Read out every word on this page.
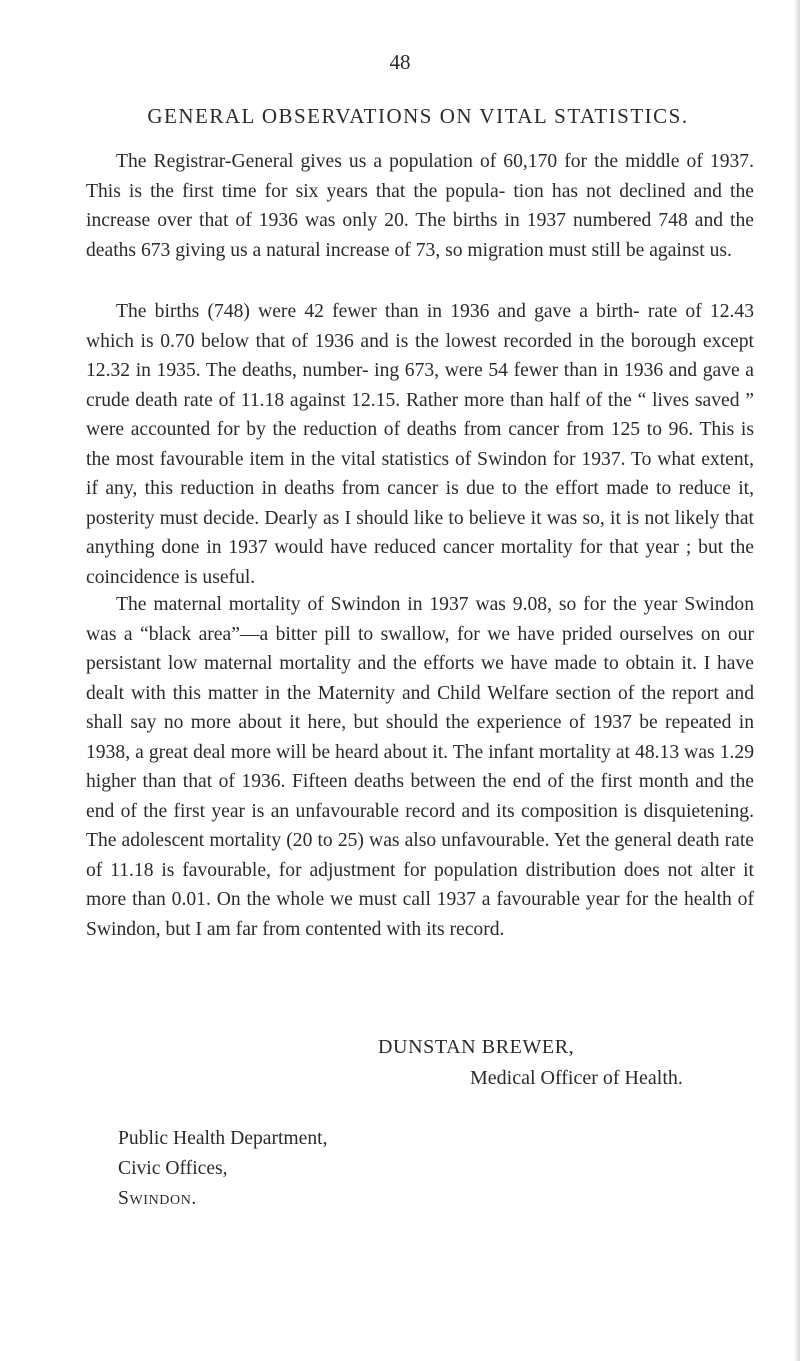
48
GENERAL OBSERVATIONS ON VITAL STATISTICS.

The Registrar-General gives us a population of 60,170 for the middle of 1937. This is the first time for six years that the popula- tion has not declined and the increase over that of 1936 was only 20. The births in 1937 numbered 748 and the deaths 673 giving us a natural increase of 73, so migration must still be against us.

The births (748) were 42 fewer than in 1936 and gave a birth- rate of 12.43 which is 0.70 below that of 1936 and is the lowest recorded in the borough except 12.32 in 1935. The deaths, number- ing 673, were 54 fewer than in 1936 and gave a crude death rate of 11.18 against 12.15. Rather more than half of the “ lives saved ” were accounted for by the reduction of deaths from cancer from 125 to 96. This is the most favourable item in the vital statistics of Swindon for 1937. To what extent, if any, this reduction in deaths from cancer is due to the effort made to reduce it, posterity must decide. Dearly as I should like to believe it was so, it is not likely that anything done in 1937 would have reduced cancer mortality for that year ; but the coincidence is useful.

The maternal mortality of Swindon in 1937 was 9.08, so for the year Swindon was a “black area”—a bitter pill to swallow, for we have prided ourselves on our persistant low maternal mortality and the efforts we have made to obtain it. I have dealt with this matter in the Maternity and Child Welfare section of the report and shall say no more about it here, but should the experience of 1937 be repeated in 1938, a great deal more will be heard about it. The infant mortality at 48.13 was 1.29 higher than that of 1936. Fifteen deaths between the end of the first month and the end of the first year is an unfavourable record and its composition is disquietening. The adolescent mortality (20 to 25) was also unfavourable. Yet the general death rate of 11.18 is favourable, for adjustment for population distribution does not alter it more than 0.01. On the whole we must call 1937 a favourable year for the health of Swindon, but I am far from contented with its record.

DUNSTAN BREWER,
Medical Officer of Health.
Public Health Department,
Civic Offices,
Swindon.
